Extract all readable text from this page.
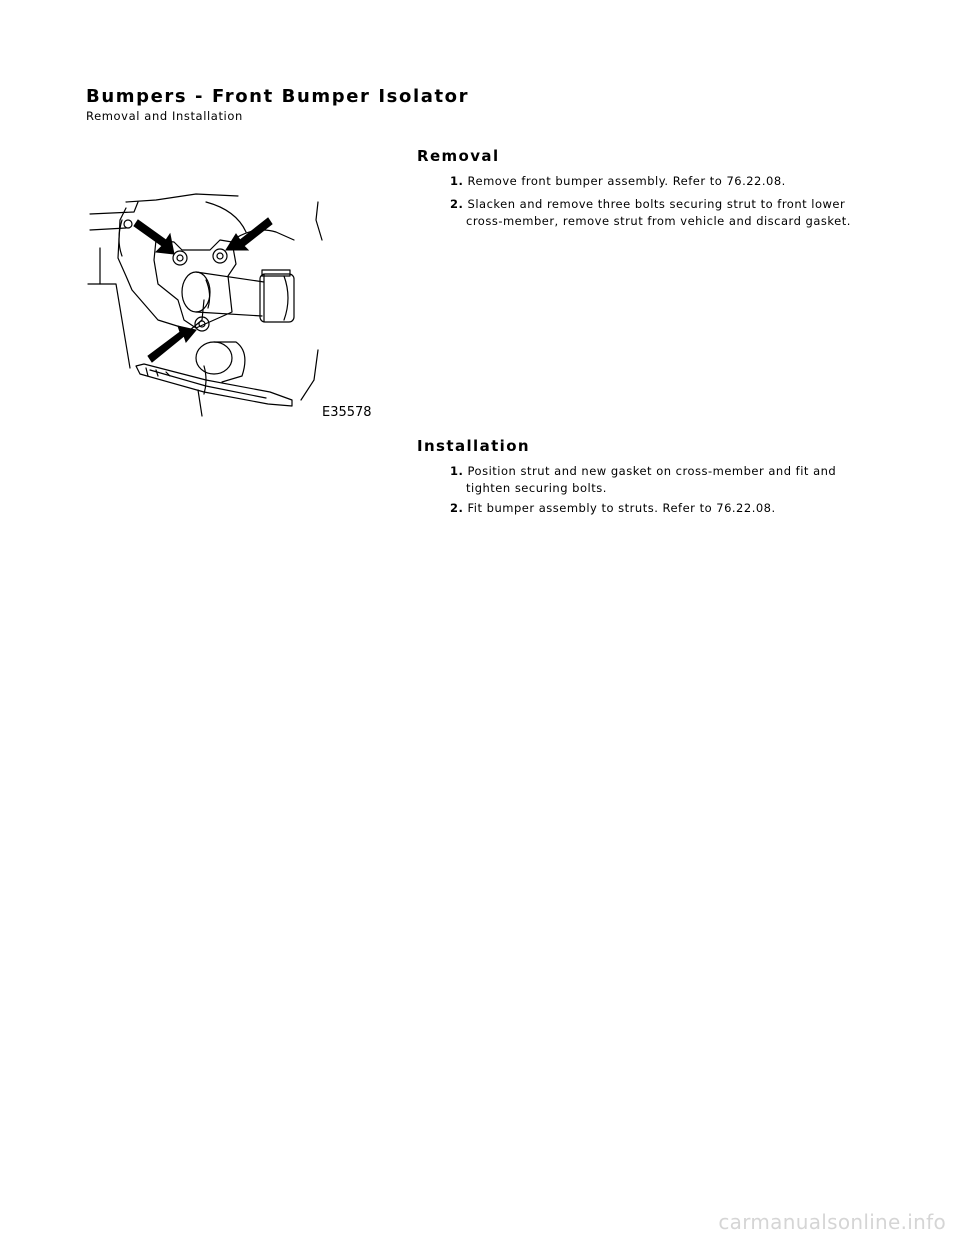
Bumpers - Front Bumper Isolator
Removal and Installation
Removal
1. Remove front bumper assembly. Refer to 76.22.08.
2. Slacken and remove three bolts securing strut to front lower
cross-member, remove strut from vehicle and discard gasket.
E35578
Installation
1. Position strut and new gasket on cross-member and fit and
tighten securing bolts.
2. Fit bumper assembly to struts. Refer to 76.22.08.
carmanualsonline.info
